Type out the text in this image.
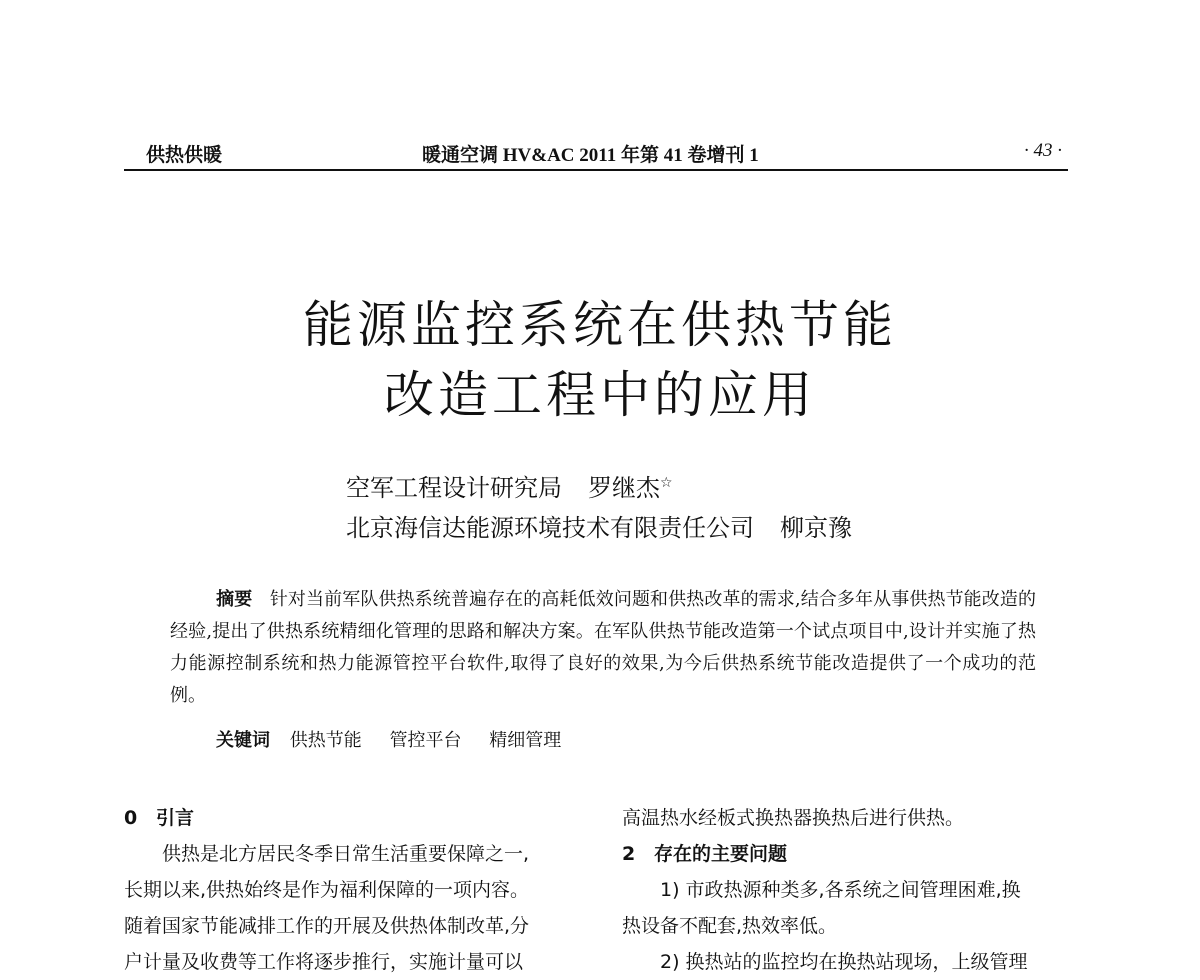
供热供暖	暖通空调 HV&AC 2011 年第 41 卷增刊 1	· 43 ·
能源监控系统在供热节能
改造工程中的应用
空军工程设计研究局 罗继杰☆
北京海信达能源环境技术有限责任公司 柳京豫
摘要 针对当前军队供热系统普遍存在的高耗低效问题和供热改革的需求,结合多年从事供热节能改造的经验,提出了供热系统精细化管理的思路和解决方案。在军队供热节能改造第一个试点项目中,设计并实施了热力能源控制系统和热力能源管控平台软件,取得了良好的效果,为今后供热系统节能改造提供了一个成功的范例。
关键词 供热节能 管控平台 精细管理
0 引言
供热是北方居民冬季日常生活重要保障之一,
长期以来,供热始终是作为福利保障的一项内容。
随着国家节能减排工作的开展及供热体制改革,分
户计量及收费等工作将逐步推行，实施计量可以
高温热水经板式换热器换热后进行供热。
2 存在的主要问题
1) 市政热源种类多,各系统之间管理困难,换
热设备不配套,热效率低。
2) 换热站的监控均在换热站现场，上级管理
